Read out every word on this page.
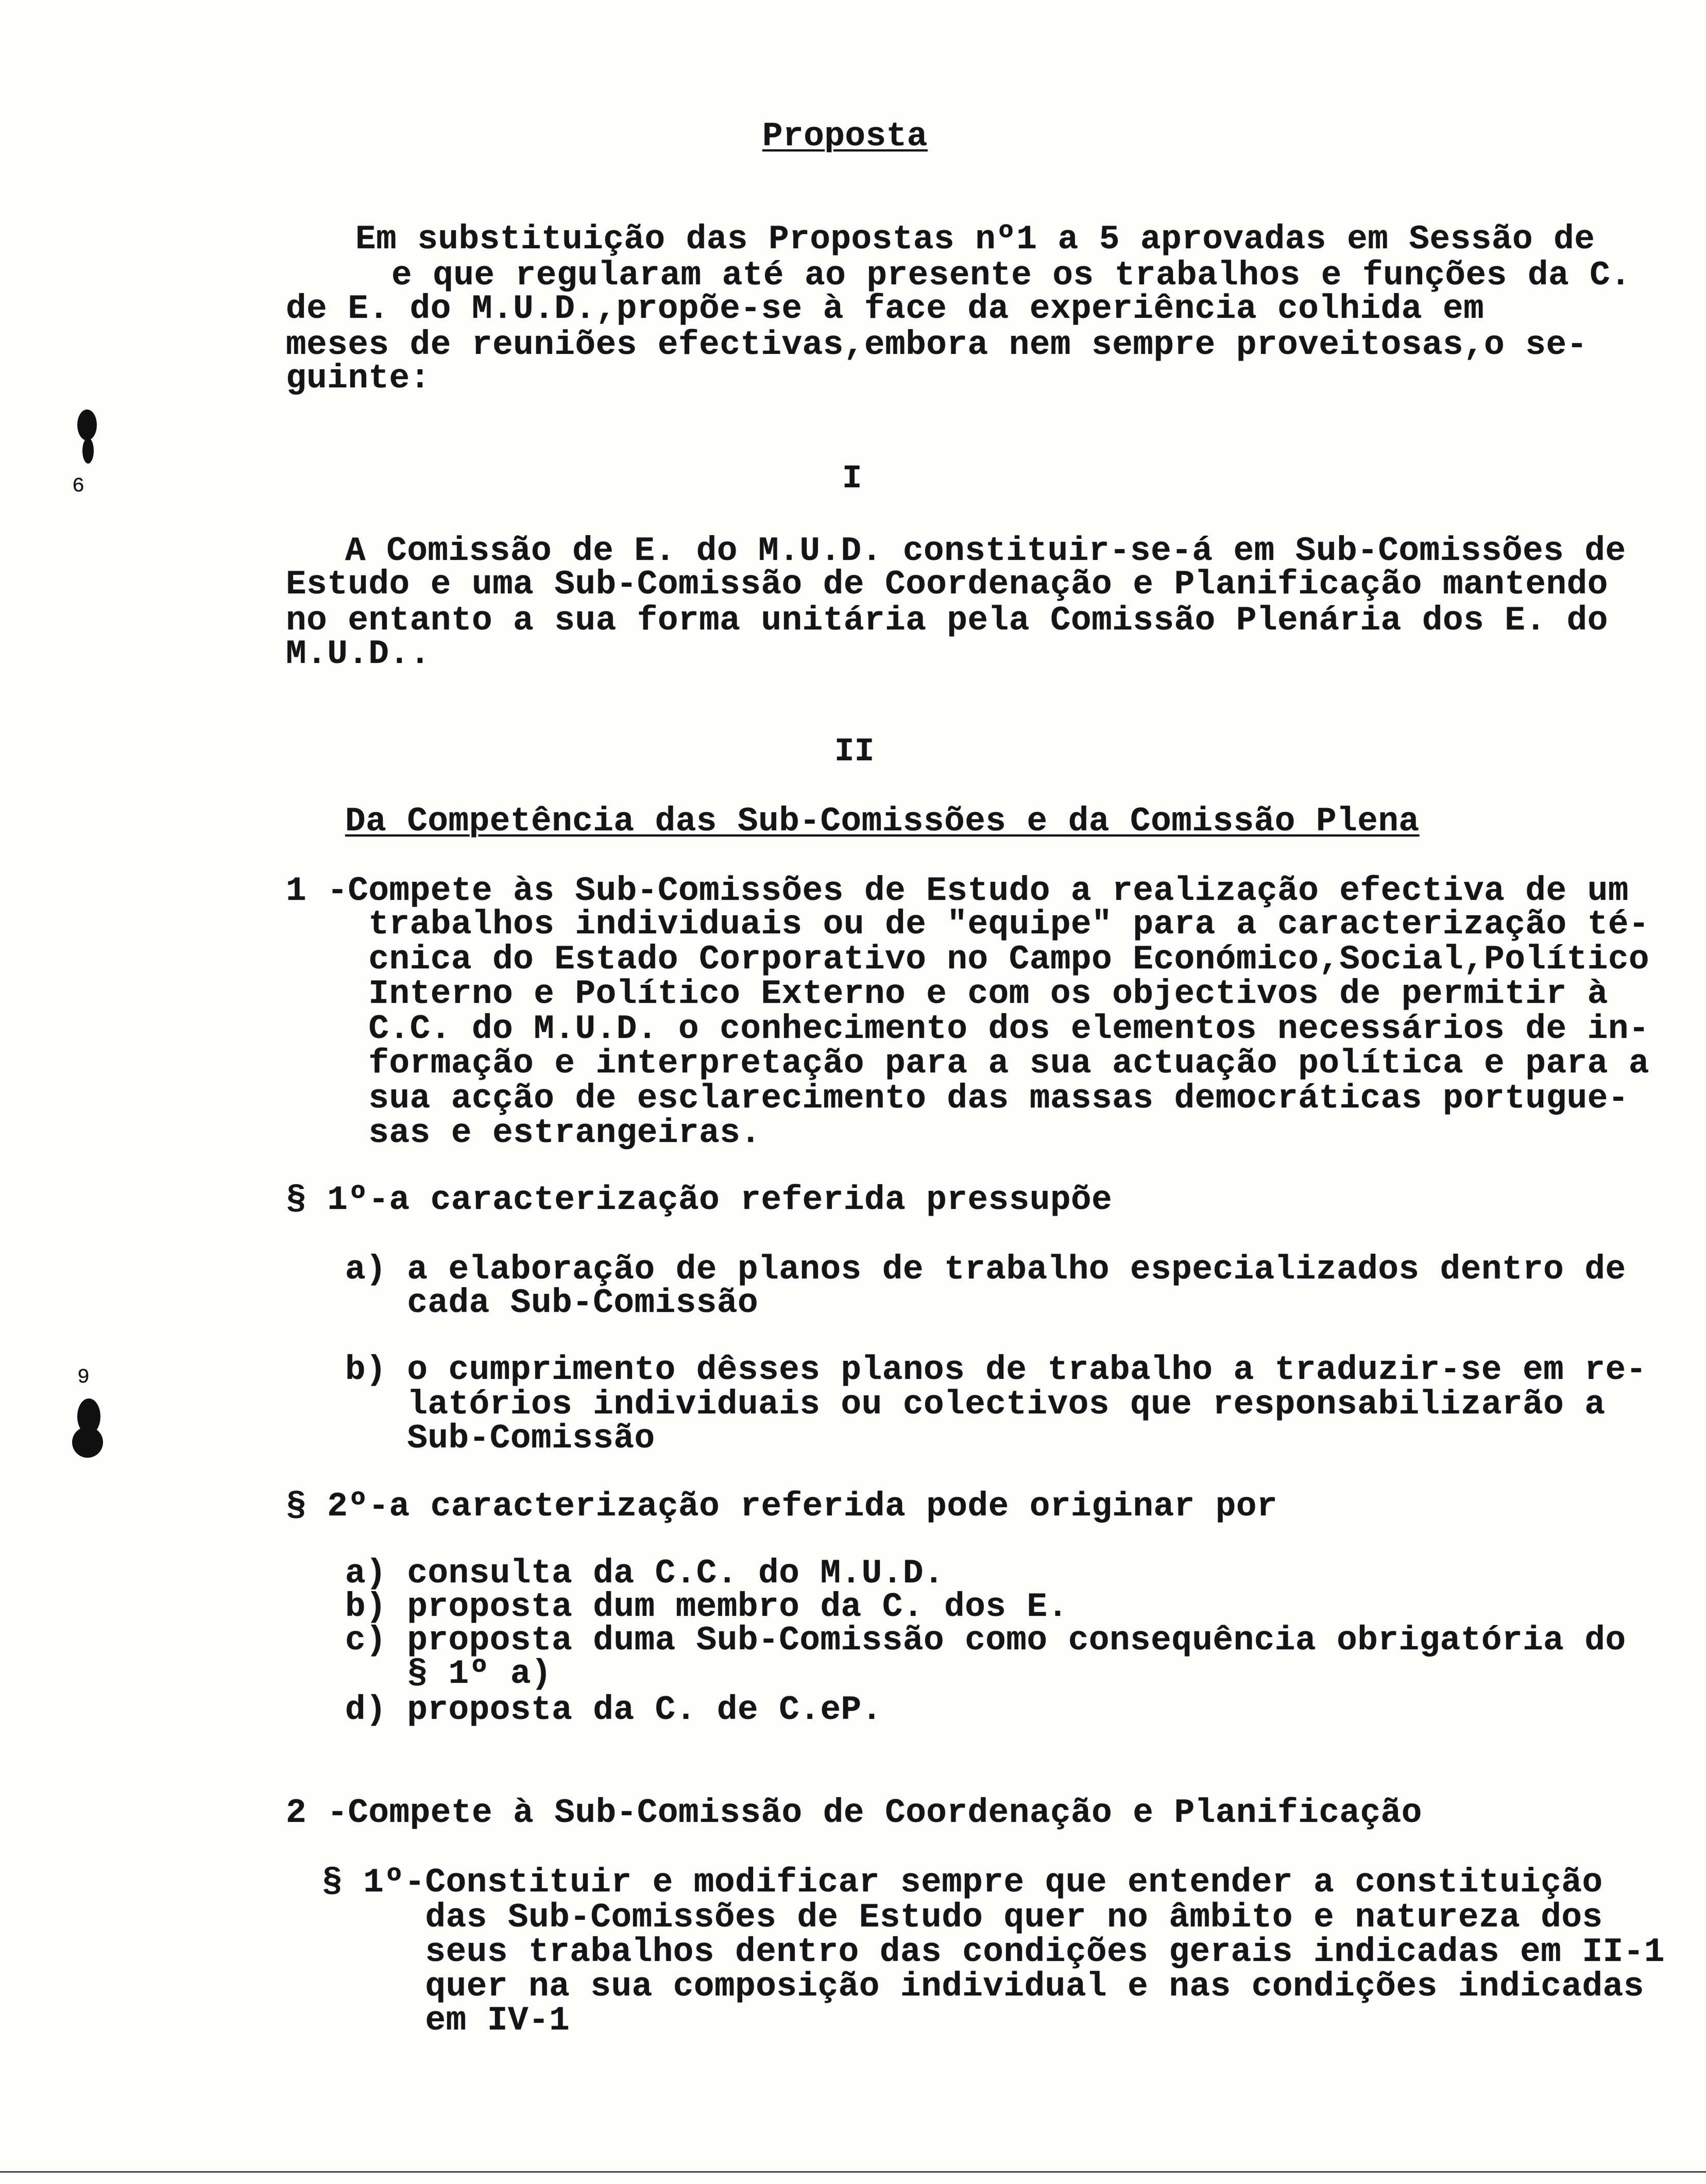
Proposta
Em substituição das Propostas nº1 a 5 aprovadas em Sessão de
e que regularam até ao presente os trabalhos e funções da C.
de E. do M.U.D.,propõe-se à face da experiência colhida em
meses de reuniões efectivas,embora nem sempre proveitosas,o se-
guinte:
I
A Comissão de E. do M.U.D. constituir-se-á em Sub-Comissões de
Estudo e uma Sub-Comissão de Coordenação e Planificação mantendo
no entanto a sua forma unitária pela Comissão Plenária dos E. do
M.U.D..
II
Da Competência das Sub-Comissões e da Comissão Plena
1 -Compete às Sub-Comissões de Estudo a realização efectiva de um
trabalhos individuais ou de "equipe" para a caracterização té-
cnica do Estado Corporativo no Campo Económico,Social,Político
Interno e Político Externo e com os objectivos de permitir à
C.C. do M.U.D. o conhecimento dos elementos necessários de in-
formação e interpretação para a sua actuação política e para a
sua acção de esclarecimento das massas democráticas portugue-
sas e estrangeiras.
§ 1º-a caracterização referida pressupõe
a) a elaboração de planos de trabalho especializados dentro de
cada Sub-Comissão
b) o cumprimento dêsses planos de trabalho a traduzir-se em re-
latórios individuais ou colectivos que responsabilizarão a
Sub-Comissão
§ 2º-a caracterização referida pode originar por
a) consulta da C.C. do M.U.D.
b) proposta dum membro da C. dos E.
c) proposta duma Sub-Comissão como consequência obrigatória do
§ 1º a)
d) proposta da C. de C.eP.
2 -Compete à Sub-Comissão de Coordenação e Planificação
§ 1º-Constituir e modificar sempre que entender a constituição
das Sub-Comissões de Estudo quer no âmbito e natureza dos
seus trabalhos dentro das condições gerais indicadas em II-1
quer na sua composição individual e nas condições indicadas
em IV-1
6
9
